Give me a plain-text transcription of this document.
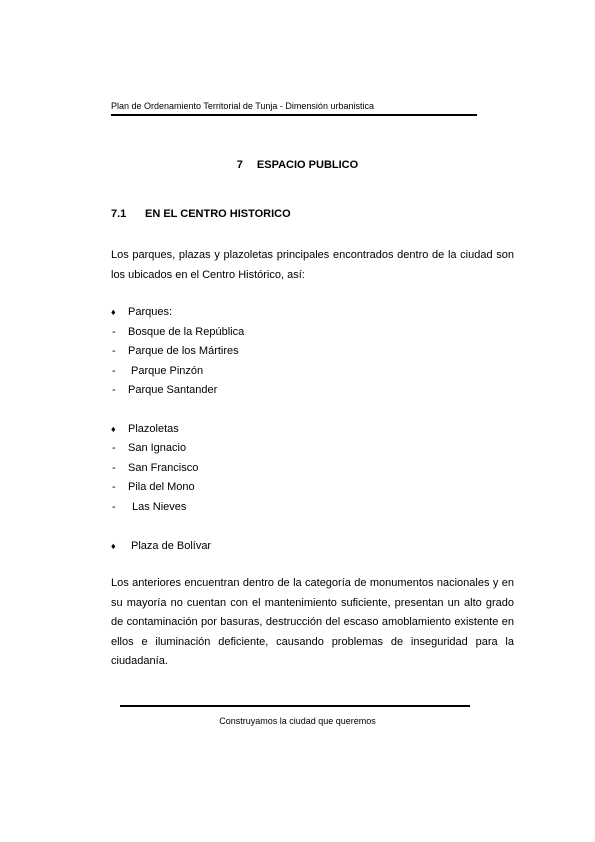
Plan de Ordenamiento Territorial de Tunja - Dimensión urbanistica
7 ESPACIO PUBLICO
7.1 EN EL CENTRO HISTORICO
Los parques, plazas y plazoletas principales encontrados dentro de la ciudad son los ubicados en el Centro Histórico, así:
♦ Parques:
- Bosque de la República
- Parque de los Mártires
- Parque Pinzón
- Parque Santander
♦ Plazoletas
- San Ignacio
- San Francisco
- Pila del Mono
- Las Nieves
♦ Plaza de Bolívar
Los anteriores encuentran dentro de la categoría de monumentos nacionales y en su mayoría no cuentan con el mantenimiento suficiente, presentan un alto grado de contaminación por basuras, destrucción del escaso amoblamiento existente en ellos e iluminación deficiente, causando problemas de inseguridad para la ciudadanía.
Construyamos la ciudad que queremos
